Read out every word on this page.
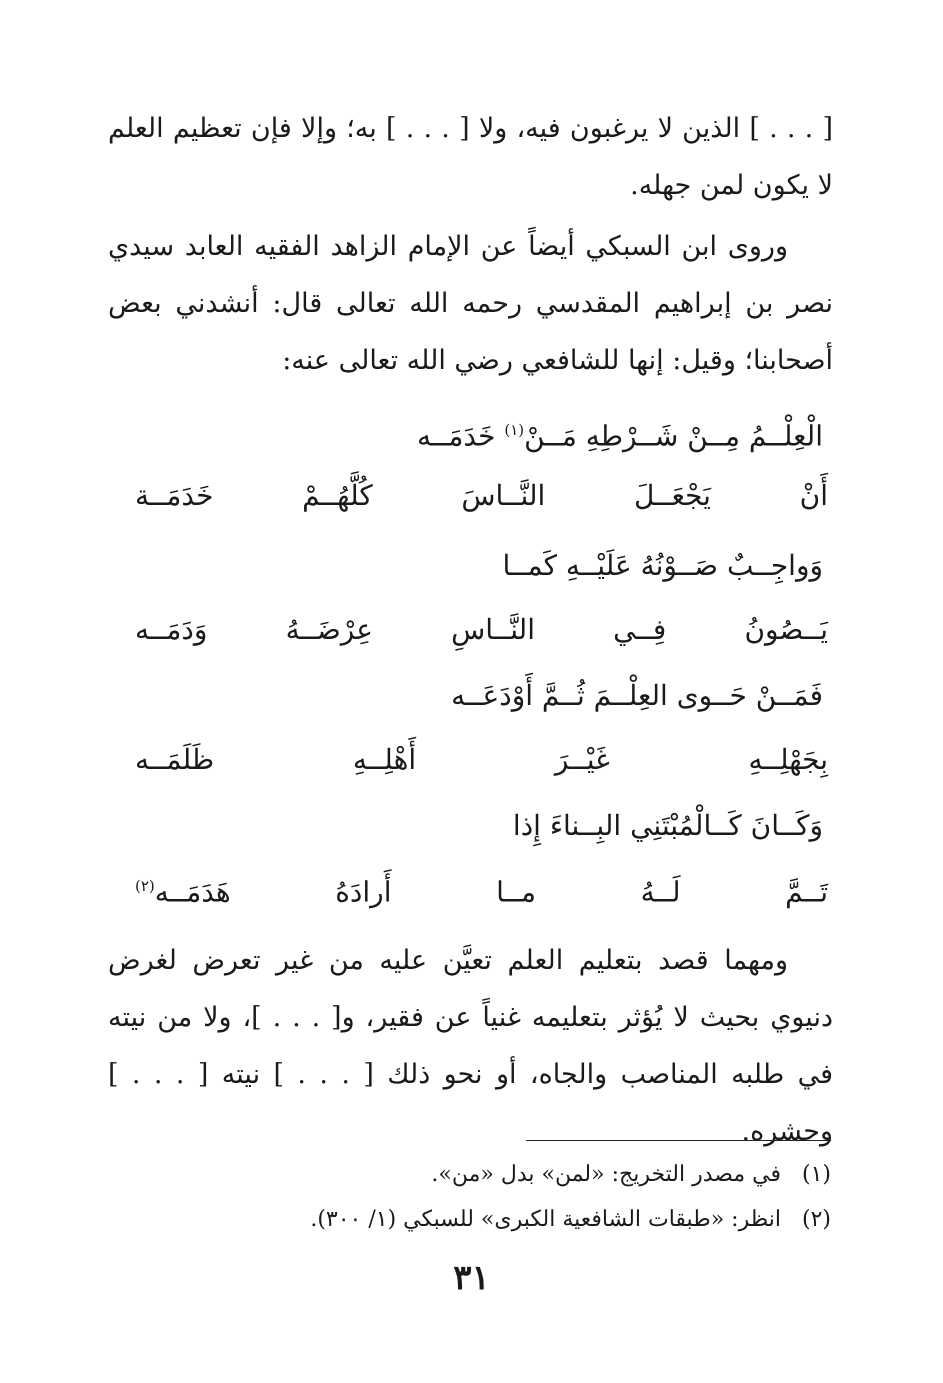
[ . . . ] الذين لا يرغبون فيه، ولا [ . . . ] به؛ وإلا فإن تعظيم العلم لا يكون لمن جهله.

وروى ابن السبكي أيضاً عن الإمام الزاهد الفقيه العابد سيدي نصر بن إبراهيم المقدسي رحمه الله تعالى قال: أنشدني بعض أصحابنا؛ وقيل: إنها للشافعي رضي الله تعالى عنه:

الْعِلْــمُ مِــنْ شَــرْطِهِ مَــنْ$^{(١)}$ خَدَمَــه

أَنْ يَجْعَــلَ النَّــاسَ كُلَّهُــمْ خَدَمَــة

وَواجِــبٌ صَــوْنُهُ عَلَيْــهِ كَمــا

يَــصُونُ فِــي النَّــاسِ عِرْضَــهُ وَدَمَــه

فَمَــنْ حَــوى العِلْــمَ ثُــمَّ أَوْدَعَــه

بِجَهْلِــهِ غَيْــرَ أَهْلِــهِ ظَلَمَــه

وَكَــانَ كَــالْمُبْتَنِي البِــناءَ إِذا

تَــمَّ لَــهُ مــا أَرادَهُ هَدَمَــه$^{(٢)}$

ومهما قصد بتعليم العلم تعيَّن عليه من غير تعرض لغرض دنيوي بحيث لا يُؤثر بتعليمه غنياً عن فقير، و[ . . . ]، ولا من نيته في طلبه المناصب والجاه، أو نحو ذلك [ . . . ] نيته [ . . . ] وحشره.

(١)في مصدر التخريج: «لمن» بدل «من».

(٢)انظر: «طبقات الشافعية الكبرى» للسبكي (١/ ٣٠٠).

٣١
